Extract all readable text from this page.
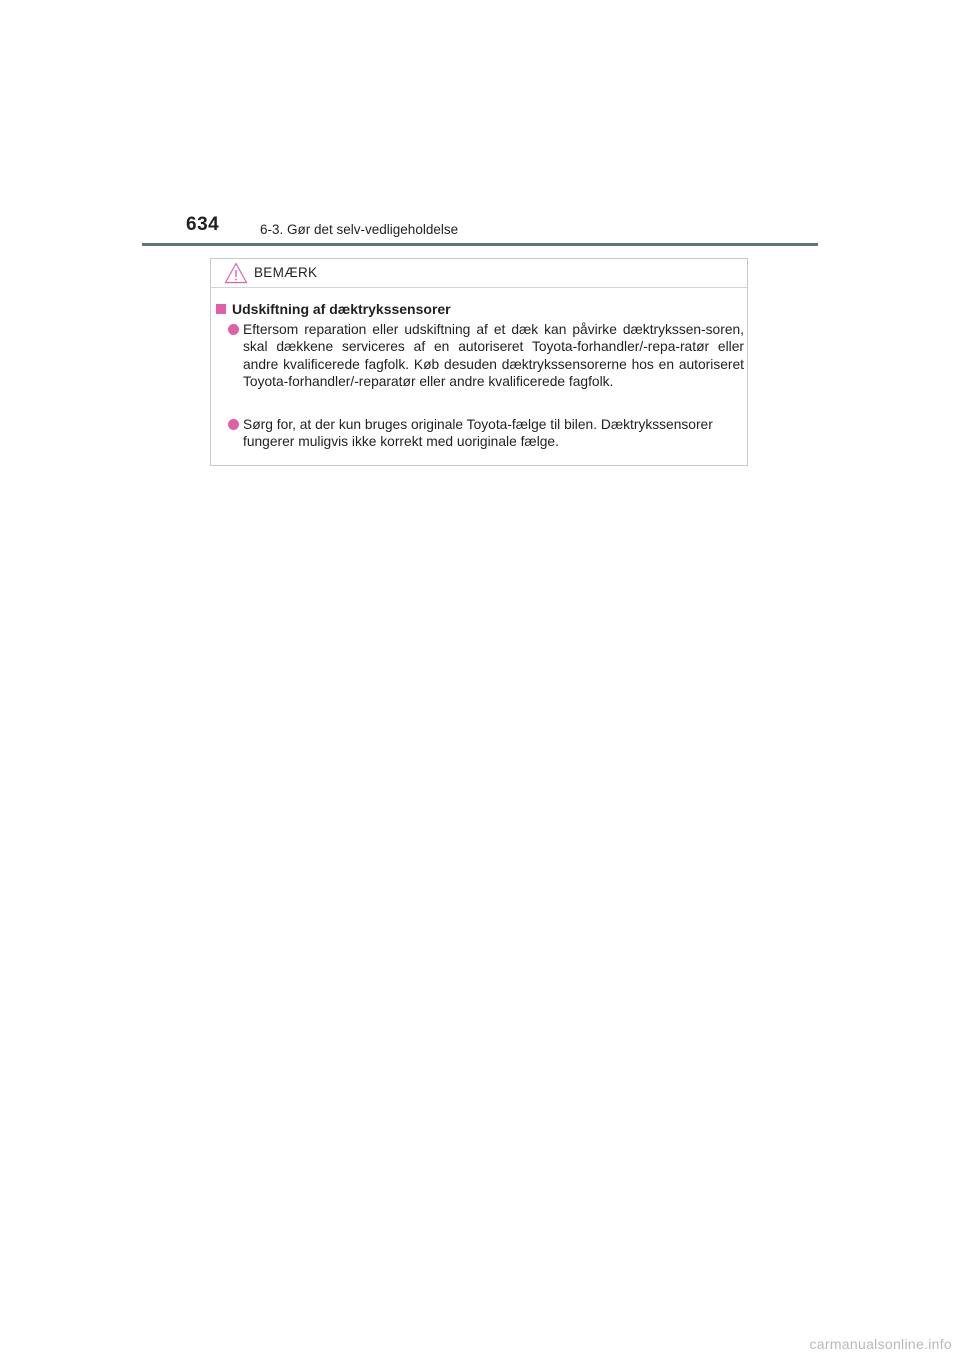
634	6-3. Gør det selv-vedligeholdelse
BEMÆRK
Udskiftning af dæktrykssensorer
Eftersom reparation eller udskiftning af et dæk kan påvirke dæktrykssen-soren, skal dækkene serviceres af en autoriseret Toyota-forhandler/-repa-ratør eller andre kvalificerede fagfolk. Køb desuden dæktrykssensorerne hos en autoriseret Toyota-forhandler/-reparatør eller andre kvalificerede fagfolk.
Sørg for, at der kun bruges originale Toyota-fælge til bilen. Dæktrykssensorer fungerer muligvis ikke korrekt med uoriginale fælge.
carmanualsonline.info
